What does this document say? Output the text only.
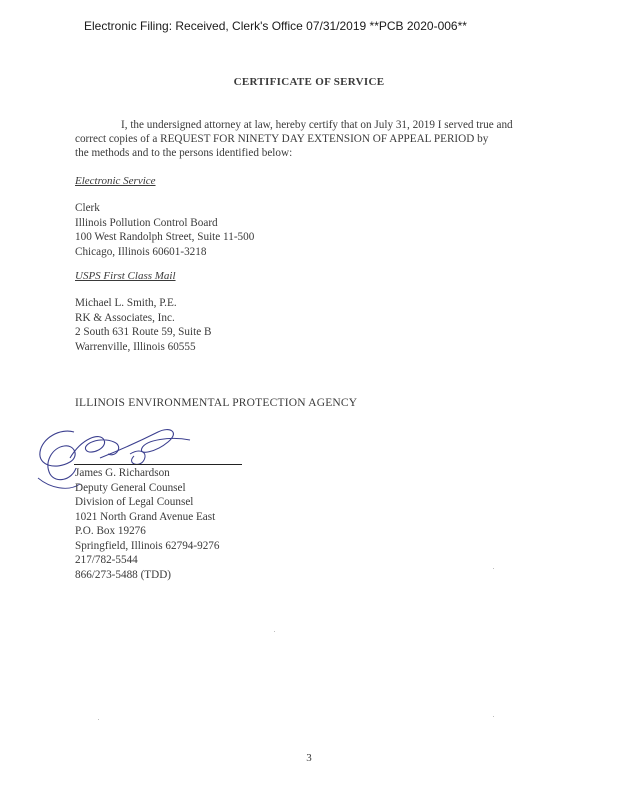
Electronic Filing: Received, Clerk's Office 07/31/2019 **PCB 2020-006**
CERTIFICATE OF SERVICE
I, the undersigned attorney at law, hereby certify that on July 31, 2019 I served true and
correct copies of a REQUEST FOR NINETY DAY EXTENSION OF APPEAL PERIOD by
the methods and to the persons identified below:
Electronic Service
Clerk
Illinois Pollution Control Board
100 West Randolph Street, Suite 11-500
Chicago, Illinois 60601-3218
USPS First Class Mail
Michael L. Smith, P.E.
RK & Associates, Inc.
2 South 631 Route 59, Suite B
Warrenville, Illinois 60555
ILLINOIS ENVIRONMENTAL PROTECTION AGENCY
James G. Richardson
Deputy General Counsel
Division of Legal Counsel
1021 North Grand Avenue East
P.O. Box 19276
Springfield, Illinois 62794-9276
217/782-5544
866/273-5488 (TDD)
3
